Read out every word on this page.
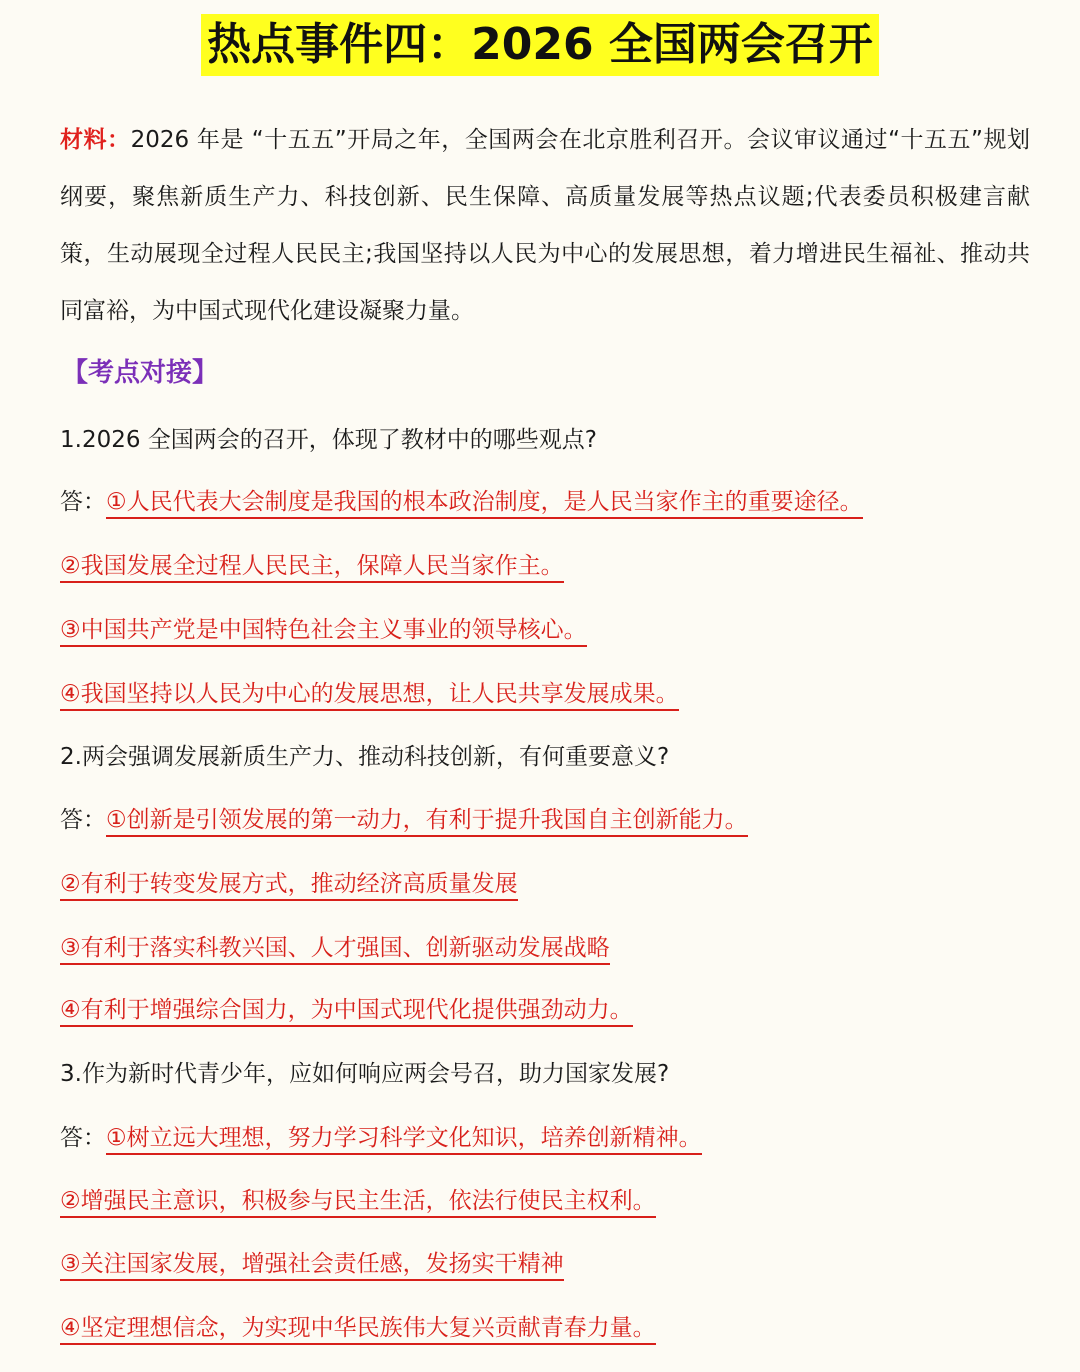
热点事件四：2026 全国两会召开
材料：2026 年是 “十五五”开局之年，全国两会在北京胜利召开。会议审议通过“十五五”规划纲要，聚焦新质生产力、科技创新、民生保障、高质量发展等热点议题;代表委员积极建言献策，生动展现全过程人民民主;我国坚持以人民为中心的发展思想，着力增进民生福祉、推动共同富裕，为中国式现代化建设凝聚力量。
【考点对接】
1.2026 全国两会的召开，体现了教材中的哪些观点?
答：①人民代表大会制度是我国的根本政治制度，是人民当家作主的重要途径。
②我国发展全过程人民民主，保障人民当家作主。
③中国共产党是中国特色社会主义事业的领导核心。
④我国坚持以人民为中心的发展思想，让人民共享发展成果。
2.两会强调发展新质生产力、推动科技创新，有何重要意义?
答：①创新是引领发展的第一动力，有利于提升我国自主创新能力。
②有利于转变发展方式，推动经济高质量发展
③有利于落实科教兴国、人才强国、创新驱动发展战略
④有利于增强综合国力，为中国式现代化提供强劲动力。
3.作为新时代青少年，应如何响应两会号召，助力国家发展?
答：①树立远大理想，努力学习科学文化知识，培养创新精神。
②增强民主意识，积极参与民主生活，依法行使民主权利。
③关注国家发展，增强社会责任感，发扬实干精神
④坚定理想信念，为实现中华民族伟大复兴贡献青春力量。
